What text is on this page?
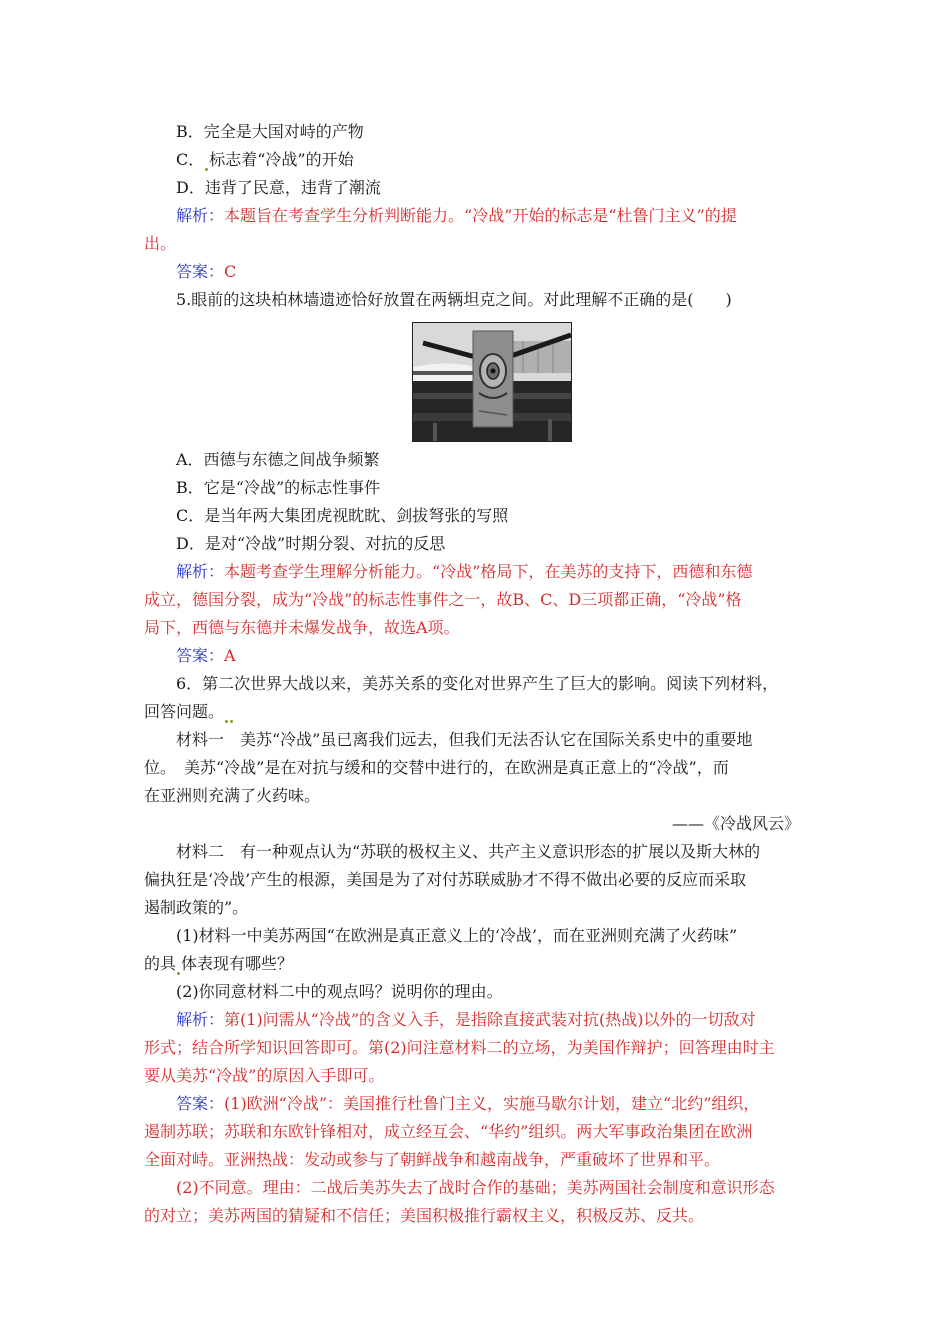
B．完全是大国对峙的产物
C． 标志着“冷战”的开始
D．违背了民意，违背了潮流
解析：本题旨在考查学生分析判断能力。“冷战”开始的标志是“杜鲁门主义”的提
出。
答案：C
5.眼前的这块柏林墙遗迹恰好放置在两辆坦克之间。对此理解不正确的是(　　)
A．西德与东德之间战争频繁
B．它是“冷战”的标志性事件
C．是当年两大集团虎视眈眈、剑拔弩张的写照
D．是对“冷战”时期分裂、对抗的反思
解析：本题考查学生理解分析能力。“冷战”格局下，在美苏的支持下，西德和东德
成立，德国分裂，成为“冷战”的标志性事件之一，故B、C、D三项都正确，“冷战”格
局下，西德与东德并未爆发战争，故选A项。
答案：A
6．第二次世界大战以来，美苏关系的变化对世界产生了巨大的影响。阅读下列材料，
回答问题。
材料一　美苏“冷战”虽已离我们远去，但我们无法否认它在国际关系史中的重要地
位。　美苏“冷战”是在对抗与缓和的交替中进行的，在欧洲是真正意上的“冷战”，而
在亚洲则充满了火药味。
——《冷战风云》
材料二　有一种观点认为“苏联的极权主义、共产主义意识形态的扩展以及斯大林的
偏执狂是‘冷战’产生的根源，美国是为了对付苏联威胁才不得不做出必要的反应而采取
遏制政策的”。
(1)材料一中美苏两国“在欧洲是真正意义上的‘冷战’，而在亚洲则充满了火药味”
的具 体表现有哪些？
(2)你同意材料二中的观点吗？说明你的理由。
解析：第(1)问需从“冷战”的含义入手，是指除直接武装对抗(热战)以外的一切敌对
形式；结合所学知识回答即可。第(2)问注意材料二的立场，为美国作辩护；回答理由时主
要从美苏“冷战”的原因入手即可。
答案：(1)欧洲“冷战”：美国推行杜鲁门主义，实施马歇尔计划，建立“北约”组织，
遏制苏联；苏联和东欧针锋相对，成立经互会、“华约”组织。两大军事政治集团在欧洲
全面对峙。亚洲热战：发动或参与了朝鲜战争和越南战争，严重破坏了世界和平。
(2)不同意。理由：二战后美苏失去了战时合作的基础；美苏两国社会制度和意识形态
的对立；美苏两国的猜疑和不信任；美国积极推行霸权主义，积极反苏、反共。
